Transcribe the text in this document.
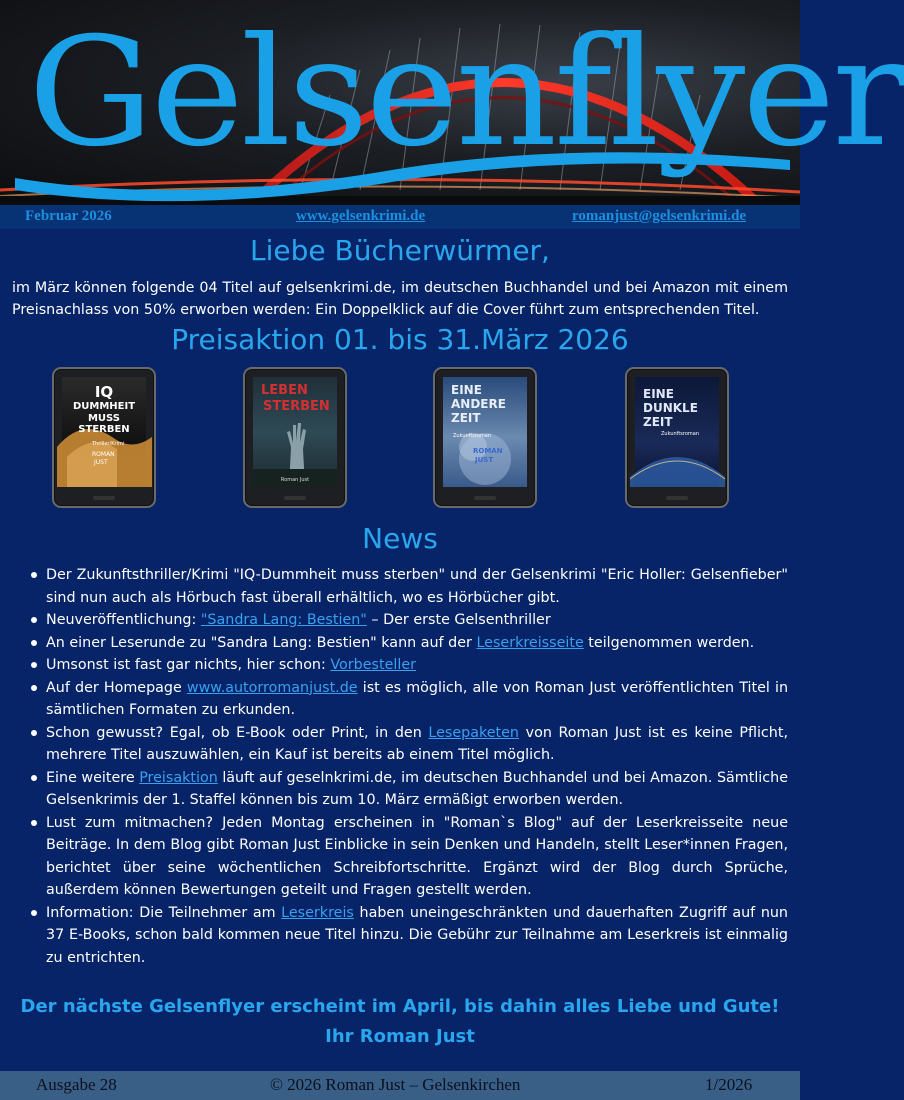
Gelsenflyer
Februar 2026	www.gelsenkrimi.de	romanjust@gelsenkrimi.de
Liebe Bücherwürmer,
im März können folgende 04 Titel auf gelsenkrimi.de, im deutschen Buchhandel und bei Amazon mit einem Preisnachlass von 50% erworben werden: Ein Doppelklick auf die Cover führt zum entsprechenden Titel.
Preisaktion 01. bis 31.März 2026
IQ
DUMMHEIT
MUSS STERBEN
Thriller/Krimi
ROMAN
JUST
LEBEN
STERBEN
Roman Just
EINE
ANDERE
ZEIT
Zukunftsroman
ROMAN
JUST
EINE
DUNKLE
ZEIT
Zukunftsroman
News
Der Zukunftsthriller/Krimi "IQ-Dummheit muss sterben" und der Gelsenkrimi "Eric Holler: Gelsenfieber" sind nun auch als Hörbuch fast überall erhältlich, wo es Hörbücher gibt.
Neuveröffentlichung: "Sandra Lang: Bestien" – Der erste Gelsenthriller
An einer Leserunde zu "Sandra Lang: Bestien" kann auf der Leserkreisseite teilgenommen werden.
Umsonst ist fast gar nichts, hier schon: Vorbesteller
Auf der Homepage www.autorromanjust.de ist es möglich, alle von Roman Just veröffentlichten Titel in sämtlichen Formaten zu erkunden.
Schon gewusst? Egal, ob E-Book oder Print, in den Lesepaketen von Roman Just ist es keine Pflicht, mehrere Titel auszuwählen, ein Kauf ist bereits ab einem Titel möglich.
Eine weitere Preisaktion läuft auf geselnkrimi.de, im deutschen Buchhandel und bei Amazon. Sämtliche Gelsenkrimis der 1. Staffel können bis zum 10. März ermäßigt erworben werden.
Lust zum mitmachen? Jeden Montag erscheinen in "Roman`s Blog" auf der Leserkreisseite neue Beiträge. In dem Blog gibt Roman Just Einblicke in sein Denken und Handeln, stellt Leser*innen Fragen, berichtet über seine wöchentlichen Schreibfortschritte. Ergänzt wird der Blog durch Sprüche, außerdem können Bewertungen geteilt und Fragen gestellt werden.
Information: Die Teilnehmer am Leserkreis haben uneingeschränkten und dauerhaften Zugriff auf nun 37 E-Books, schon bald kommen neue Titel hinzu. Die Gebühr zur Teilnahme am Leserkreis ist einmalig zu entrichten.
Der nächste Gelsenflyer erscheint im April, bis dahin alles Liebe und Gute!
Ihr Roman Just
Ausgabe 28	© 2026 Roman Just – Gelsenkirchen	1/2026
